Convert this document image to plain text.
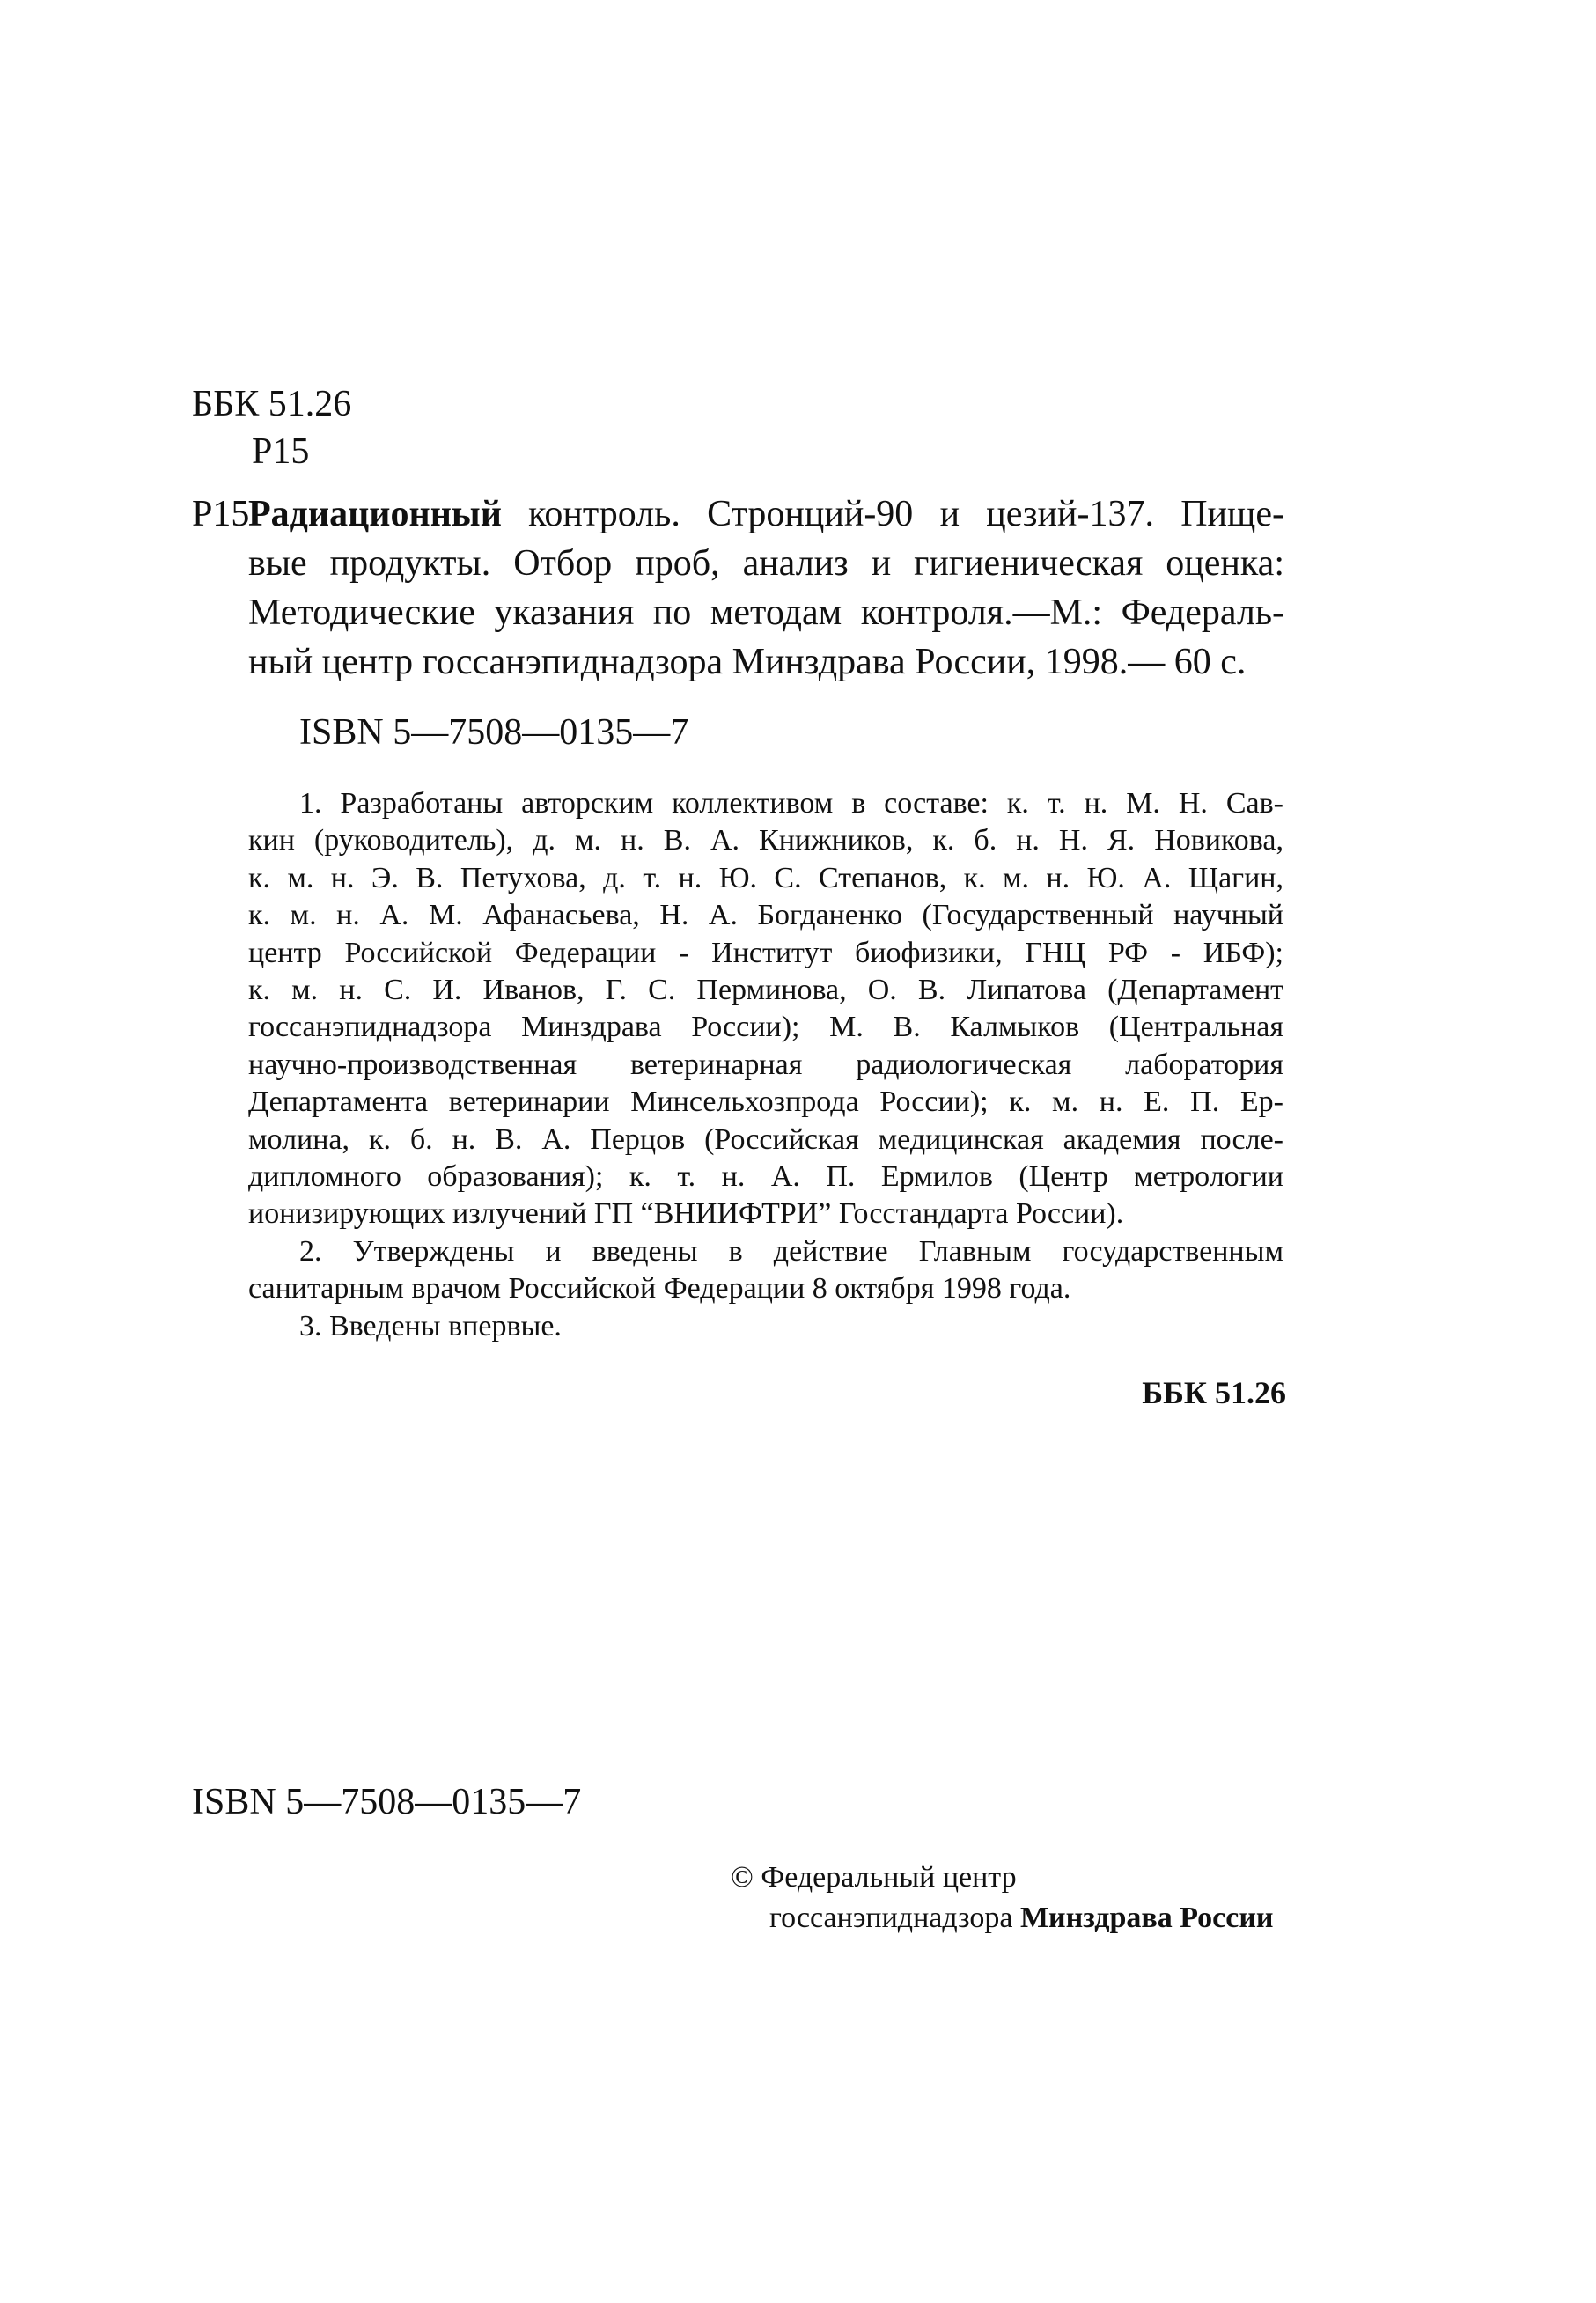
ББК 51.26
Р15
Р15
Радиационный контроль. Стронций-90 и цезий-137. Пище-
вые продукты. Отбор проб, анализ и гигиеническая оценка:
Методические указания по методам контроля.—М.: Федераль-
ный центр госсанэпиднадзора Минздрава России, 1998.— 60 с.
ISBN 5—7508—0135—7
1. Разработаны авторским коллективом в составе: к. т. н. М. Н. Сав-
кин (руководитель), д. м. н. В. А. Книжников, к. б. н. Н. Я. Новикова,
к. м. н. Э. В. Петухова, д. т. н. Ю. С. Степанов, к. м. н. Ю. А. Щагин,
к. м. н. А. М. Афанасьева, Н. А. Богданенко (Государственный научный
центр Российской Федерации - Институт биофизики, ГНЦ РФ - ИБФ);
к. м. н. С. И. Иванов, Г. С. Перминова, О. В. Липатова (Департамент
госсанэпиднадзора Минздрава России); М. В. Калмыков (Центральная
научно-производственная ветеринарная радиологическая лаборатория
Департамента ветеринарии Минсельхозпрода России); к. м. н. Е. П. Ер-
молина, к. б. н. В. А. Перцов (Российская медицинская академия после-
дипломного образования); к. т. н. А. П. Ермилов (Центр метрологии
ионизирующих излучений ГП “ВНИИФТРИ” Госстандарта России).
2. Утверждены и введены в действие Главным государственным
санитарным врачом Российской Федерации 8 октября 1998 года.
3. Введены впервые.
ББК 51.26
ISBN 5—7508—0135—7
© Федеральный центр
госсанэпиднадзора Минздрава России
